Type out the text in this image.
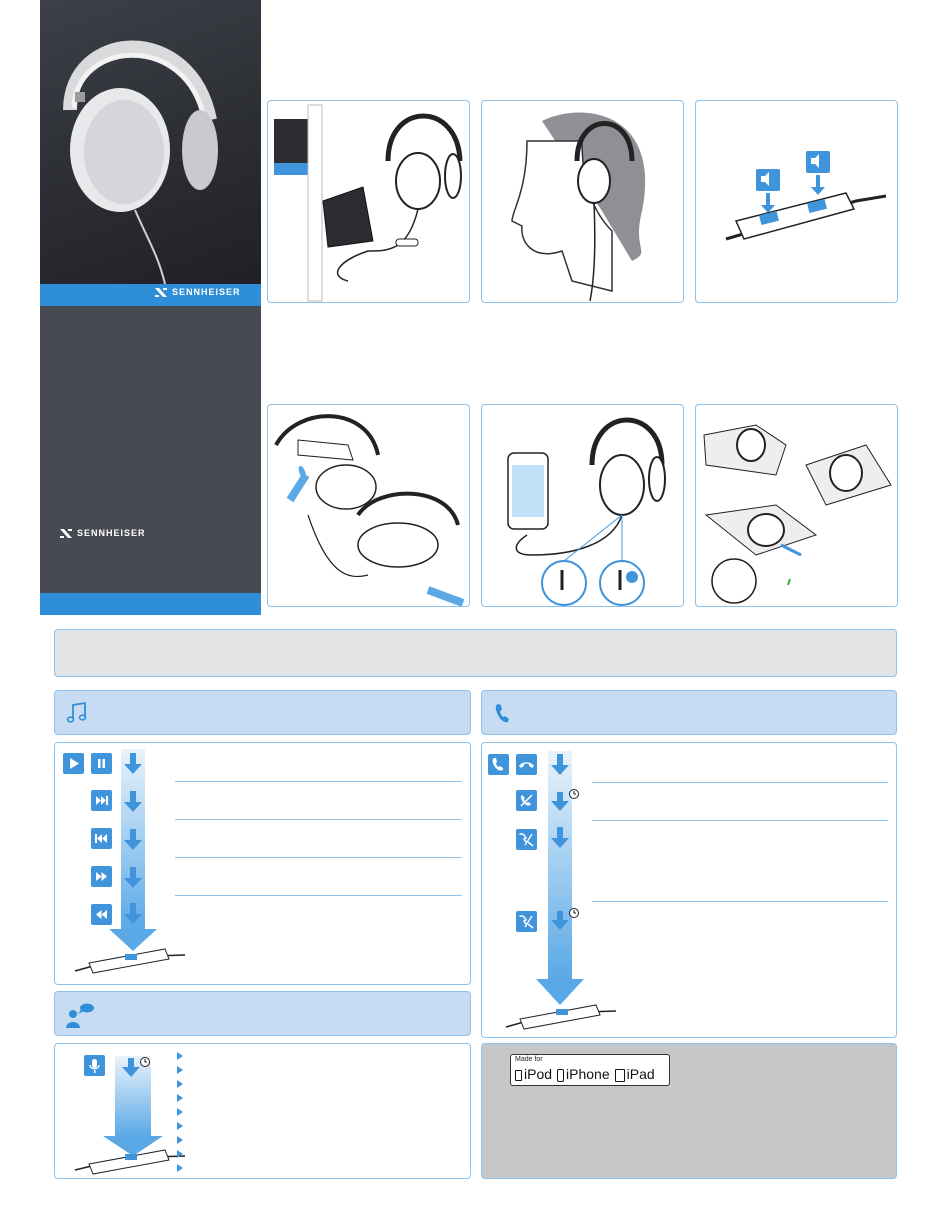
SENNHEISER
SENNHEISER
Made for
iPod iPhone iPad
